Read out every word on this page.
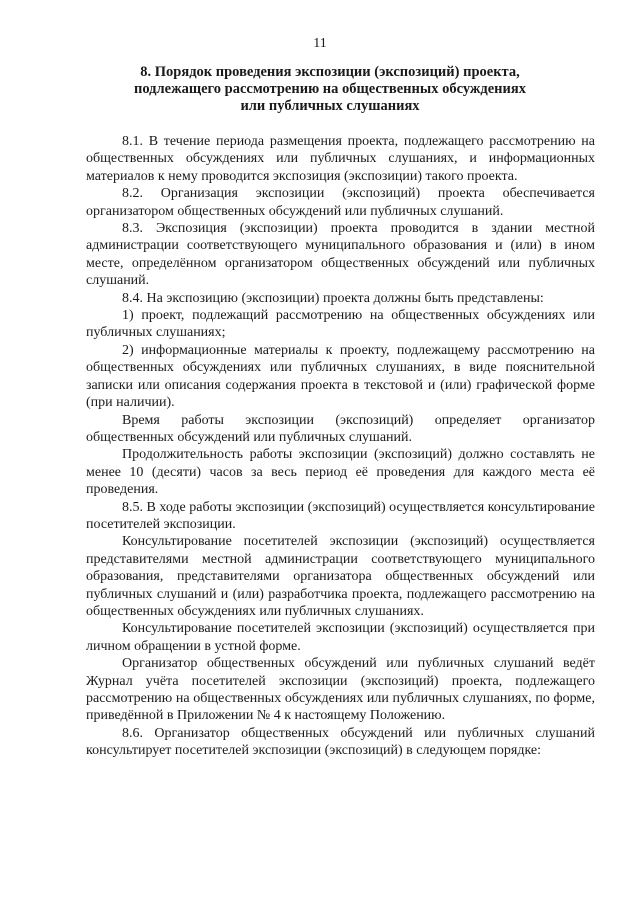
11
8. Порядок проведения экспозиции (экспозиций) проекта,
подлежащего рассмотрению на общественных обсуждениях
или публичных слушаниях

8.1. В течение периода размещения проекта, подлежащего рассмотрению на общественных обсуждениях или публичных слушаниях, и информационных материалов к нему проводится экспозиция (экспозиции) такого проекта.

8.2. Организация экспозиции (экспозиций) проекта обеспечивается организатором общественных обсуждений или публичных слушаний.

8.3. Экспозиция (экспозиции) проекта проводится в здании местной администрации соответствующего муниципального образования и (или) в ином месте, определённом организатором общественных обсуждений или публичных слушаний.

8.4. На экспозицию (экспозиции) проекта должны быть представлены:

1) проект, подлежащий рассмотрению на общественных обсуждениях или публичных слушаниях;

2) информационные материалы к проекту, подлежащему рассмотрению на общественных обсуждениях или публичных слушаниях, в виде пояснительной записки или описания содержания проекта в текстовой и (или) графической форме (при наличии).

Время работы экспозиции (экспозиций) определяет организатор общественных обсуждений или публичных слушаний.

Продолжительность работы экспозиции (экспозиций) должно составлять не менее 10 (десяти) часов за весь период её проведения для каждого места её проведения.

8.5. В ходе работы экспозиции (экспозиций) осуществляется консультирование посетителей экспозиции.

Консультирование посетителей экспозиции (экспозиций) осуществляется представителями местной администрации соответствующего муниципального образования, представителями организатора общественных обсуждений или публичных слушаний и (или) разработчика проекта, подлежащего рассмотрению на общественных обсуждениях или публичных слушаниях.

Консультирование посетителей экспозиции (экспозиций) осуществляется при личном обращении в устной форме.

Организатор общественных обсуждений или публичных слушаний ведёт Журнал учёта посетителей экспозиции (экспозиций) проекта, подлежащего рассмотрению на общественных обсуждениях или публичных слушаниях, по форме, приведённой в Приложении № 4 к настоящему Положению.

8.6. Организатор общественных обсуждений или публичных слушаний консультирует посетителей экспозиции (экспозиций) в следующем порядке:
